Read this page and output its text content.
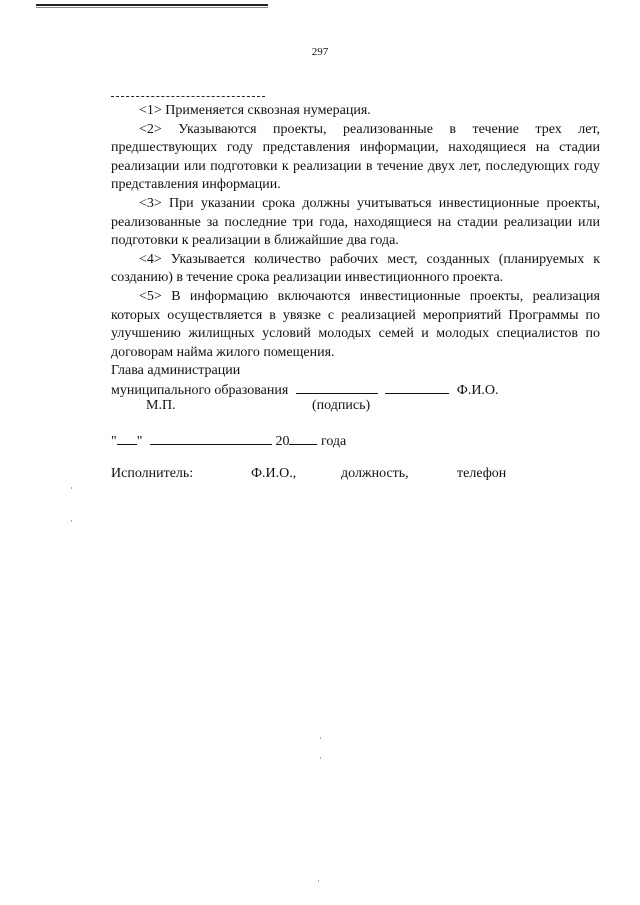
297

<1> Применяется сквозная нумерация.

<2> Указываются проекты, реализованные в течение трех лет, предшествующих году представления информации, находящиеся на стадии реализации или подготовки к реализации в течение двух лет, последующих году представления информации.

<3> При указании срока должны учитываться инвестиционные проекты, реализованные за последние три года, находящиеся на стадии реализации или подготовки к реализации в ближайшие два года.

<4> Указывается количество рабочих мест, созданных (планируемых к созданию) в течение срока реализации инвестиционного проекта.

<5> В информацию включаются инвестиционные проекты, реализация которых осуществляется в увязке с реализацией мероприятий Программы по улучшению жилищных условий молодых семей и молодых специалистов по договорам найма жилого помещения.

Глава администрации
муниципального образования	Ф.И.О.
М.П.	(подпись)
" "	20 года
Исполнитель:	Ф.И.О.,	должность,	телефон
